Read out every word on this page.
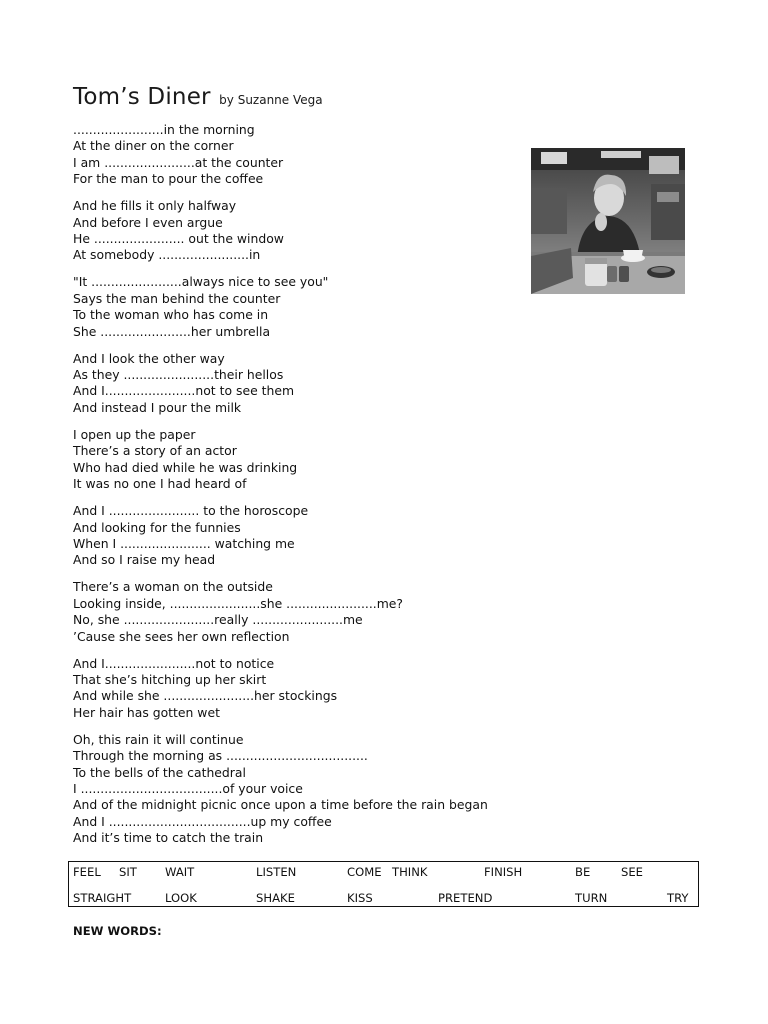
Tom’s Diner by Suzanne Vega
.......................in the morning
At the diner on the corner
I am .......................at the counter
For the man to pour the coffee
And he fills it only halfway
And before I even argue
He ....................... out the window
At somebody .......................in
"It .......................always nice to see you"
Says the man behind the counter
To the woman who has come in
She .......................her umbrella
And I look the other way
As they .......................their hellos
And I.......................not to see them
And instead I pour the milk
I open up the paper
There’s a story of an actor
Who had died while he was drinking
It was no one I had heard of
And I ....................... to the horoscope
And looking for the funnies
When I ....................... watching me
And so I raise my head
There’s a woman on the outside
Looking inside, .......................she .......................me?
No, she .......................really .......................me
’Cause she sees her own reflection
And I.......................not to notice
That she’s hitching up her skirt
And while she .......................her stockings
Her hair has gotten wet
Oh, this rain it will continue
Through the morning as ....................................
To the bells of the cathedral
I ....................................of your voice
And of the midnight picnic once upon a time before the rain began
And I ....................................up my coffee
And it’s time to catch the train
FEEL SIT WAIT	LISTEN	COME THINK	FINISH	BE	SEE
STRAIGHT	LOOK	SHAKE	KISS	PRETEND	TURN	TRY
NEW WORDS:
